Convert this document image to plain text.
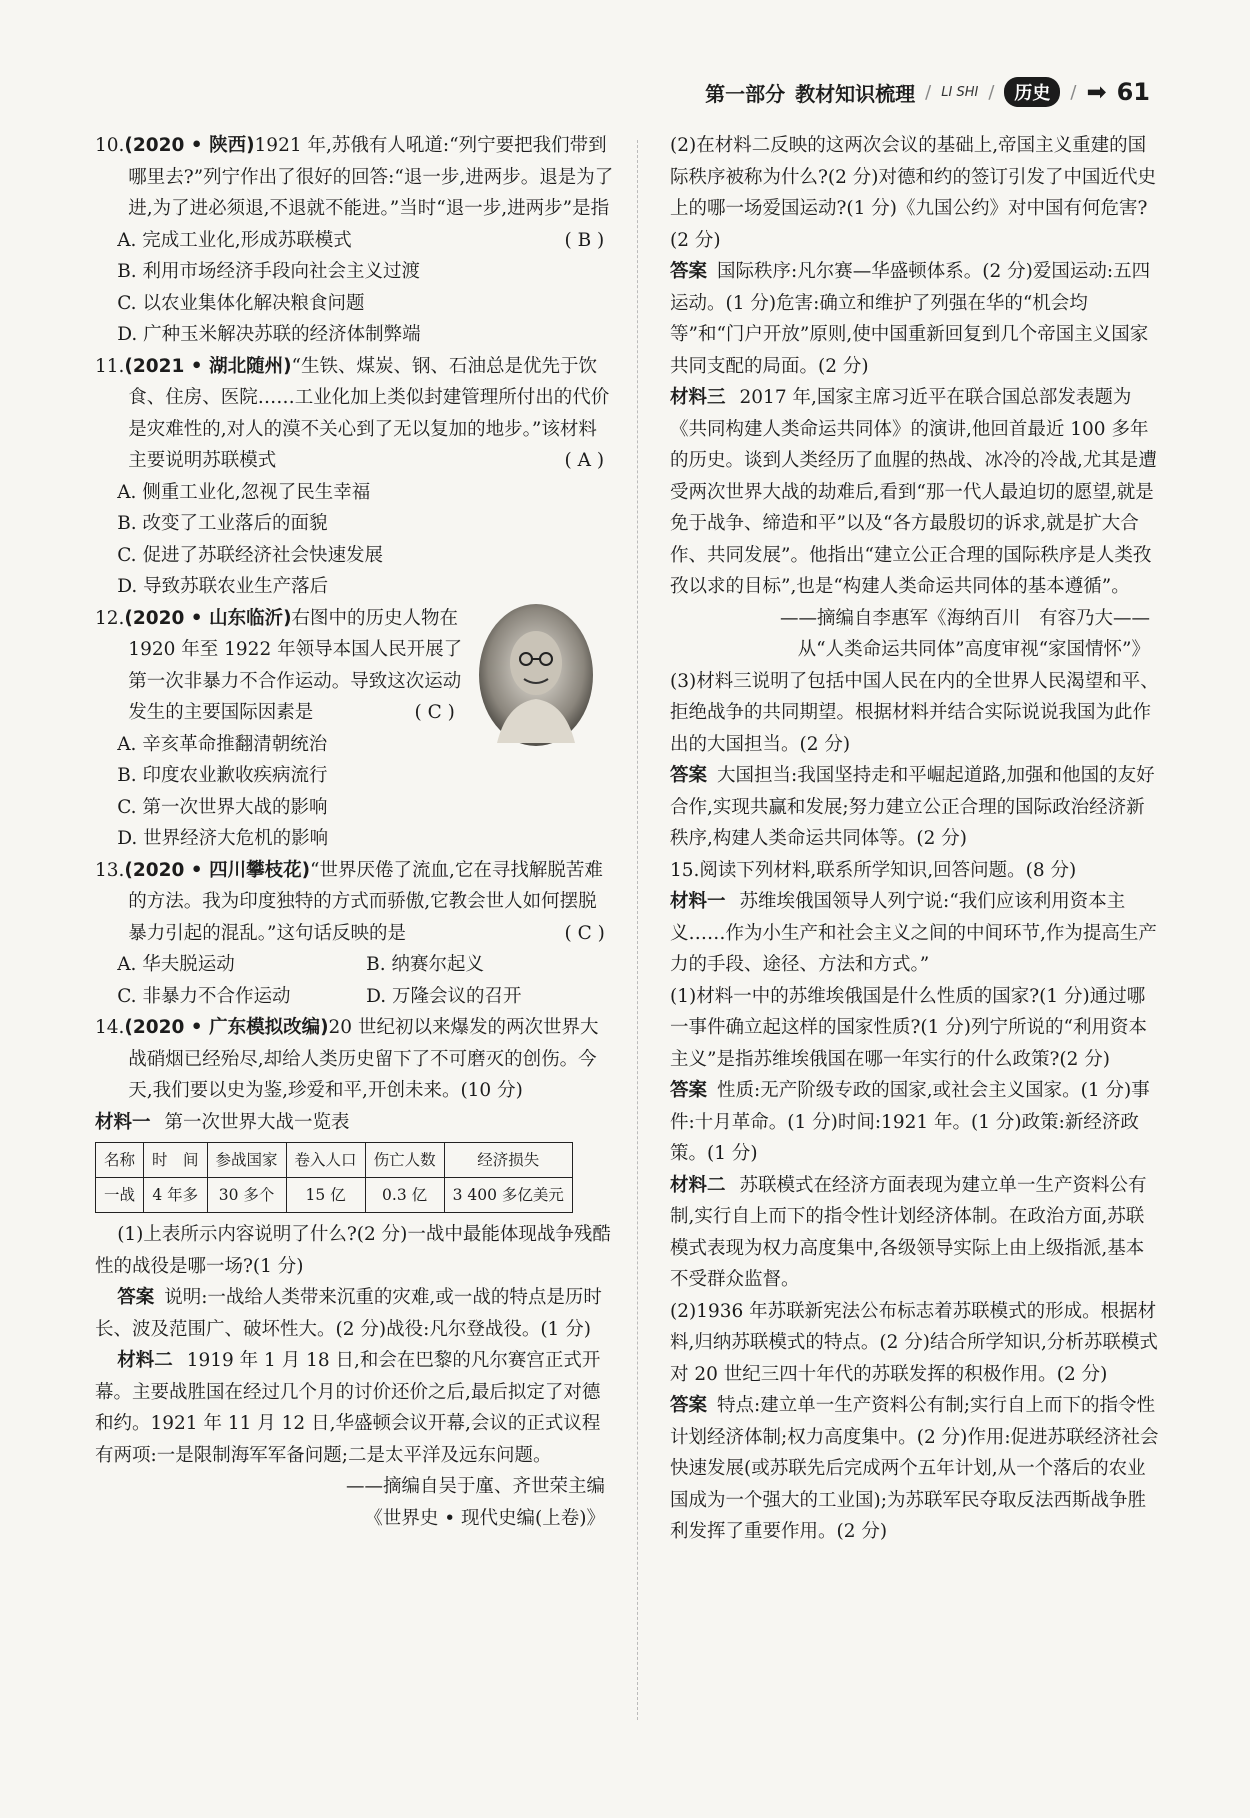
第一部分 教材知识梳理 / LI SHI /	历史	/ ➡ 61

10.(2020 • 陕西)1921 年,苏俄有人吼道:“列宁要把我们带到哪里去?”列宁作出了很好的回答:“退一步,进两步。退是为了进,为了进必须退,不退就不能进。”当时“退一步,进两步”是指
( B )

A. 完成工业化,形成苏联模式

B. 利用市场经济手段向社会主义过渡

C. 以农业集体化解决粮食问题

D. 广种玉米解决苏联的经济体制弊端

11.(2021 • 湖北随州)“生铁、煤炭、钢、石油总是优先于饮食、住房、医院……工业化加上类似封建管理所付出的代价是灾难性的,对人的漠不关心到了无以复加的地步。”该材料主要说明苏联模式	( A )

A. 侧重工业化,忽视了民生幸福

B. 改变了工业落后的面貌

C. 促进了苏联经济社会快速发展

D. 导致苏联农业生产落后

12.(2020 • 山东临沂)右图中的历史人物在 1920 年至 1922 年领导本国人民开展了第一次非暴力不合作运动。导致这次运动发生的主要国际因素是	( C )

A. 辛亥革命推翻清朝统治

B. 印度农业歉收疾病流行

C. 第一次世界大战的影响

D. 世界经济大危机的影响

13.(2020 • 四川攀枝花)“世界厌倦了流血,它在寻找解脱苦难的方法。我为印度独特的方式而骄傲,它教会世人如何摆脱暴力引起的混乱。”这句话反映的是	( C )

A. 华夫脱运动	B. 纳赛尔起义
C. 非暴力不合作运动	D. 万隆会议的召开

14.(2020 • 广东模拟改编)20 世纪初以来爆发的两次世界大战硝烟已经殆尽,却给人类历史留下了不可磨灭的创伤。今天,我们要以史为鉴,珍爱和平,开创未来。(10 分)

材料一 第一次世界大战一览表

名称	时　间	参战国家	卷入人口	伤亡人数	经济损失
一战	4 年多	30 多个	15 亿	0.3 亿	3 400 多亿美元

(1)上表所示内容说明了什么?(2 分)一战中最能体现战争残酷性的战役是哪一场?(1 分)

答案 说明:一战给人类带来沉重的灾难,或一战的特点是历时长、波及范围广、破坏性大。(2 分)战役:凡尔登战役。(1 分)

材料二 1919 年 1 月 18 日,和会在巴黎的凡尔赛宫正式开幕。主要战胜国在经过几个月的讨价还价之后,最后拟定了对德和约。1921 年 11 月 12 日,华盛顿会议开幕,会议的正式议程有两项:一是限制海军军备问题;二是太平洋及远东问题。

——摘编自吴于廑、齐世荣主编

《世界史 • 现代史编(上卷)》

(2)在材料二反映的这两次会议的基础上,帝国主义重建的国际秩序被称为什么?(2 分)对德和约的签订引发了中国近代史上的哪一场爱国运动?(1 分)《九国公约》对中国有何危害?(2 分)

答案 国际秩序:凡尔赛—华盛顿体系。(2 分)爱国运动:五四运动。(1 分)危害:确立和维护了列强在华的“机会均等”和“门户开放”原则,使中国重新回复到几个帝国主义国家共同支配的局面。(2 分)

材料三 2017 年,国家主席习近平在联合国总部发表题为《共同构建人类命运共同体》的演讲,他回首最近 100 多年的历史。谈到人类经历了血腥的热战、冰冷的冷战,尤其是遭受两次世界大战的劫难后,看到“那一代人最迫切的愿望,就是免于战争、缔造和平”以及“各方最殷切的诉求,就是扩大合作、共同发展”。他指出“建立公正合理的国际秩序是人类孜孜以求的目标”,也是“构建人类命运共同体的基本遵循”。

——摘编自李惠军《海纳百川　有容乃大——

从“人类命运共同体”高度审视“家国情怀”》

(3)材料三说明了包括中国人民在内的全世界人民渴望和平、拒绝战争的共同期望。根据材料并结合实际说说我国为此作出的大国担当。(2 分)

答案 大国担当:我国坚持走和平崛起道路,加强和他国的友好合作,实现共赢和发展;努力建立公正合理的国际政治经济新秩序,构建人类命运共同体等。(2 分)

15.阅读下列材料,联系所学知识,回答问题。(8 分)

材料一 苏维埃俄国领导人列宁说:“我们应该利用资本主义……作为小生产和社会主义之间的中间环节,作为提高生产力的手段、途径、方法和方式。”

(1)材料一中的苏维埃俄国是什么性质的国家?(1 分)通过哪一事件确立起这样的国家性质?(1 分)列宁所说的“利用资本主义”是指苏维埃俄国在哪一年实行的什么政策?(2 分)

答案 性质:无产阶级专政的国家,或社会主义国家。(1 分)事件:十月革命。(1 分)时间:1921 年。(1 分)政策:新经济政策。(1 分)

材料二 苏联模式在经济方面表现为建立单一生产资料公有制,实行自上而下的指令性计划经济体制。在政治方面,苏联模式表现为权力高度集中,各级领导实际上由上级指派,基本不受群众监督。

(2)1936 年苏联新宪法公布标志着苏联模式的形成。根据材料,归纳苏联模式的特点。(2 分)结合所学知识,分析苏联模式对 20 世纪三四十年代的苏联发挥的积极作用。(2 分)

答案 特点:建立单一生产资料公有制;实行自上而下的指令性计划经济体制;权力高度集中。(2 分)作用:促进苏联经济社会快速发展(或苏联先后完成两个五年计划,从一个落后的农业国成为一个强大的工业国);为苏联军民夺取反法西斯战争胜利发挥了重要作用。(2 分)
